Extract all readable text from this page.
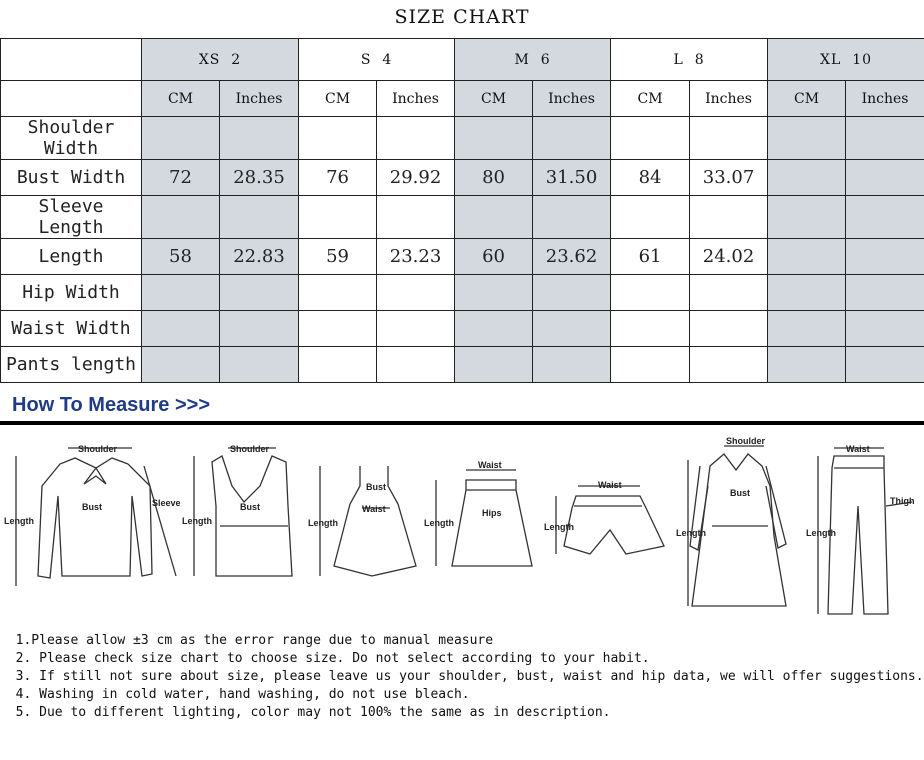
SIZE CHART
	XS 2		S 4		M 6		L 8		XL 10	
	CM	Inches	CM	Inches	CM	Inches	CM	Inches	CM	Inches
Shoulder Width										
Bust Width	72	28.35	76	29.92	80	31.50	84	33.07		
Sleeve Length										
Length	58	22.83	59	23.23	60	23.62	61	24.02		
Hip Width										
Waist Width										
Pants length										
How To Measure >>>
Shoulder
Bust	Sleeve
Length
Shoulder
Bust
Length
Bust
Waist
Length
Waist
Hips
Length
Waist
Length
Shoulder
Bust
Length
Waist
Thigh
Length
1.Please allow ±3 cm as the error range due to manual measure
2. Please check size chart to choose size. Do not select according to your habit.
3. If still not sure about size, please leave us your shoulder, bust, waist and hip data, we will offer suggestions.
4. Washing in cold water, hand washing, do not use bleach.
5. Due to different lighting, color may not 100% the same as in description.
